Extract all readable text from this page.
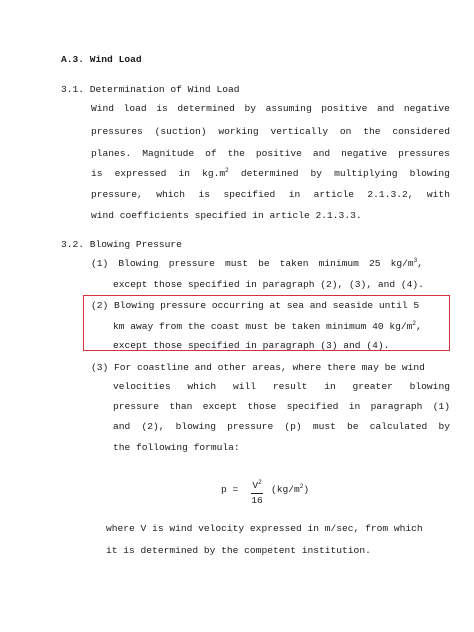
A.3. Wind Load
3.1. Determination of Wind Load
Wind load is determined by assuming positive and negative
pressures (suction) working vertically on the considered
planes. Magnitude of the positive and negative pressures
is expressed in $kg.m^2$ determined by multiplying blowing
pressure, which is specified in article 2.1.3.2, with
wind coefficients specified in article 2.1.3.3.
3.2. Blowing Pressure
(1) Blowing pressure must be taken minimum 25 $kg/m^3$,
except those specified in paragraph (2), (3), and (4).
(2) Blowing pressure occurring at sea and seaside until 5
km away from the coast must be taken minimum 40 $kg/m^2$,
except those specified in paragraph (3) and (4).
(3) For coastline and other areas, where there may be wind
velocities which will result in greater blowing
pressure than except those specified in paragraph (1)
and (2), blowing pressure (p) must be calculated by
the following formula:
$p = V^2$
16
$(kg/m^2)$
where V is wind velocity expressed in m/sec, from which
it is determined by the competent institution.
